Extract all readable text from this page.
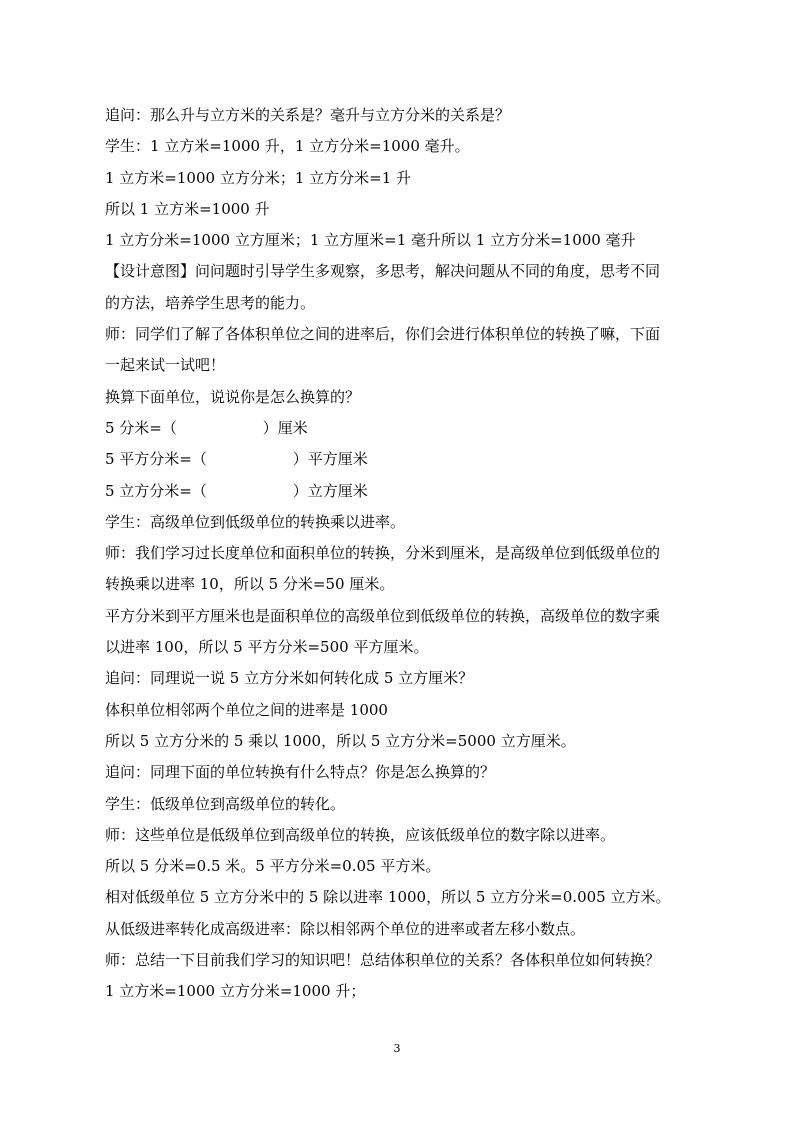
追问：那么升与立方米的关系是？毫升与立方分米的关系是？
学生：1 立方米=1000 升，1 立方分米=1000 毫升。
1 立方米=1000 立方分米；1 立方分米=1 升
所以 1 立方米=1000 升
1 立方分米=1000 立方厘米；1 立方厘米=1 毫升所以 1 立方分米=1000 毫升
【设计意图】问问题时引导学生多观察，多思考，解决问题从不同的角度，思考不同
的方法，培养学生思考的能力。
师：同学们了解了各体积单位之间的进率后，你们会进行体积单位的转换了嘛，下面
一起来试一试吧！
换算下面单位，说说你是怎么换算的？
5 分米=（                  ）厘米
5 平方分米=（                  ）平方厘米
5 立方分米=（                  ）立方厘米
学生：高级单位到低级单位的转换乘以进率。
师：我们学习过长度单位和面积单位的转换，分米到厘米，是高级单位到低级单位的
转换乘以进率 10，所以 5 分米=50 厘米。
平方分米到平方厘米也是面积单位的高级单位到低级单位的转换，高级单位的数字乘
以进率 100，所以 5 平方分米=500 平方厘米。
追问：同理说一说 5 立方分米如何转化成 5 立方厘米？
体积单位相邻两个单位之间的进率是 1000
所以 5 立方分米的 5 乘以 1000，所以 5 立方分米=5000 立方厘米。
追问：同理下面的单位转换有什么特点？你是怎么换算的？
学生：低级单位到高级单位的转化。
师：这些单位是低级单位到高级单位的转换，应该低级单位的数字除以进率。
所以 5 分米=0.5 米。5 平方分米=0.05 平方米。
相对低级单位 5 立方分米中的 5 除以进率 1000，所以 5 立方分米=0.005 立方米。
从低级进率转化成高级进率：除以相邻两个单位的进率或者左移小数点。
师：总结一下目前我们学习的知识吧！总结体积单位的关系？各体积单位如何转换？
1 立方米=1000 立方分米=1000 升；
3
